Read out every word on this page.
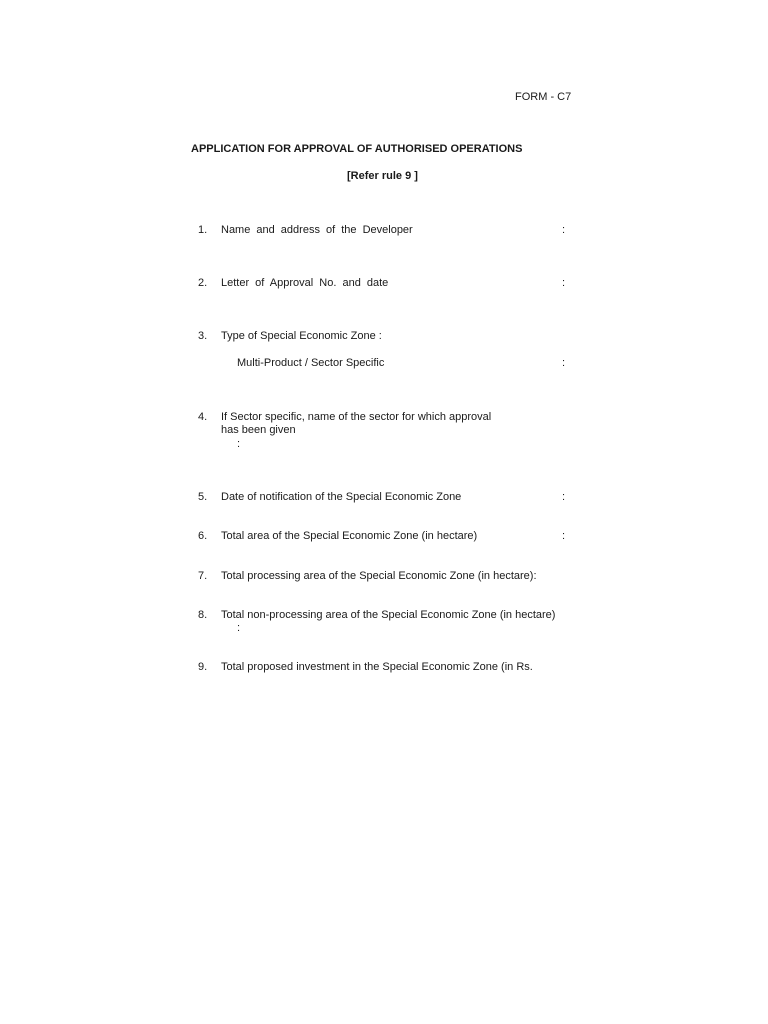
FORM - C7
APPLICATION FOR APPROVAL OF AUTHORISED OPERATIONS
[Refer rule 9 ]
1. Name and address of the Developer	:
2. Letter of Approval No. and date	:
3. Type of Special Economic Zone :
Multi-Product / Sector Specific	:
4. If Sector specific, name of the sector for which approval
has been given
:
5. Date of notification of the Special Economic Zone	:
6. Total area of the Special Economic Zone (in hectare)	:
7. Total processing area of the Special Economic Zone (in hectare):
8. Total non-processing area of the Special Economic Zone (in hectare)
:
9. Total proposed investment in the Special Economic Zone (in Rs.
